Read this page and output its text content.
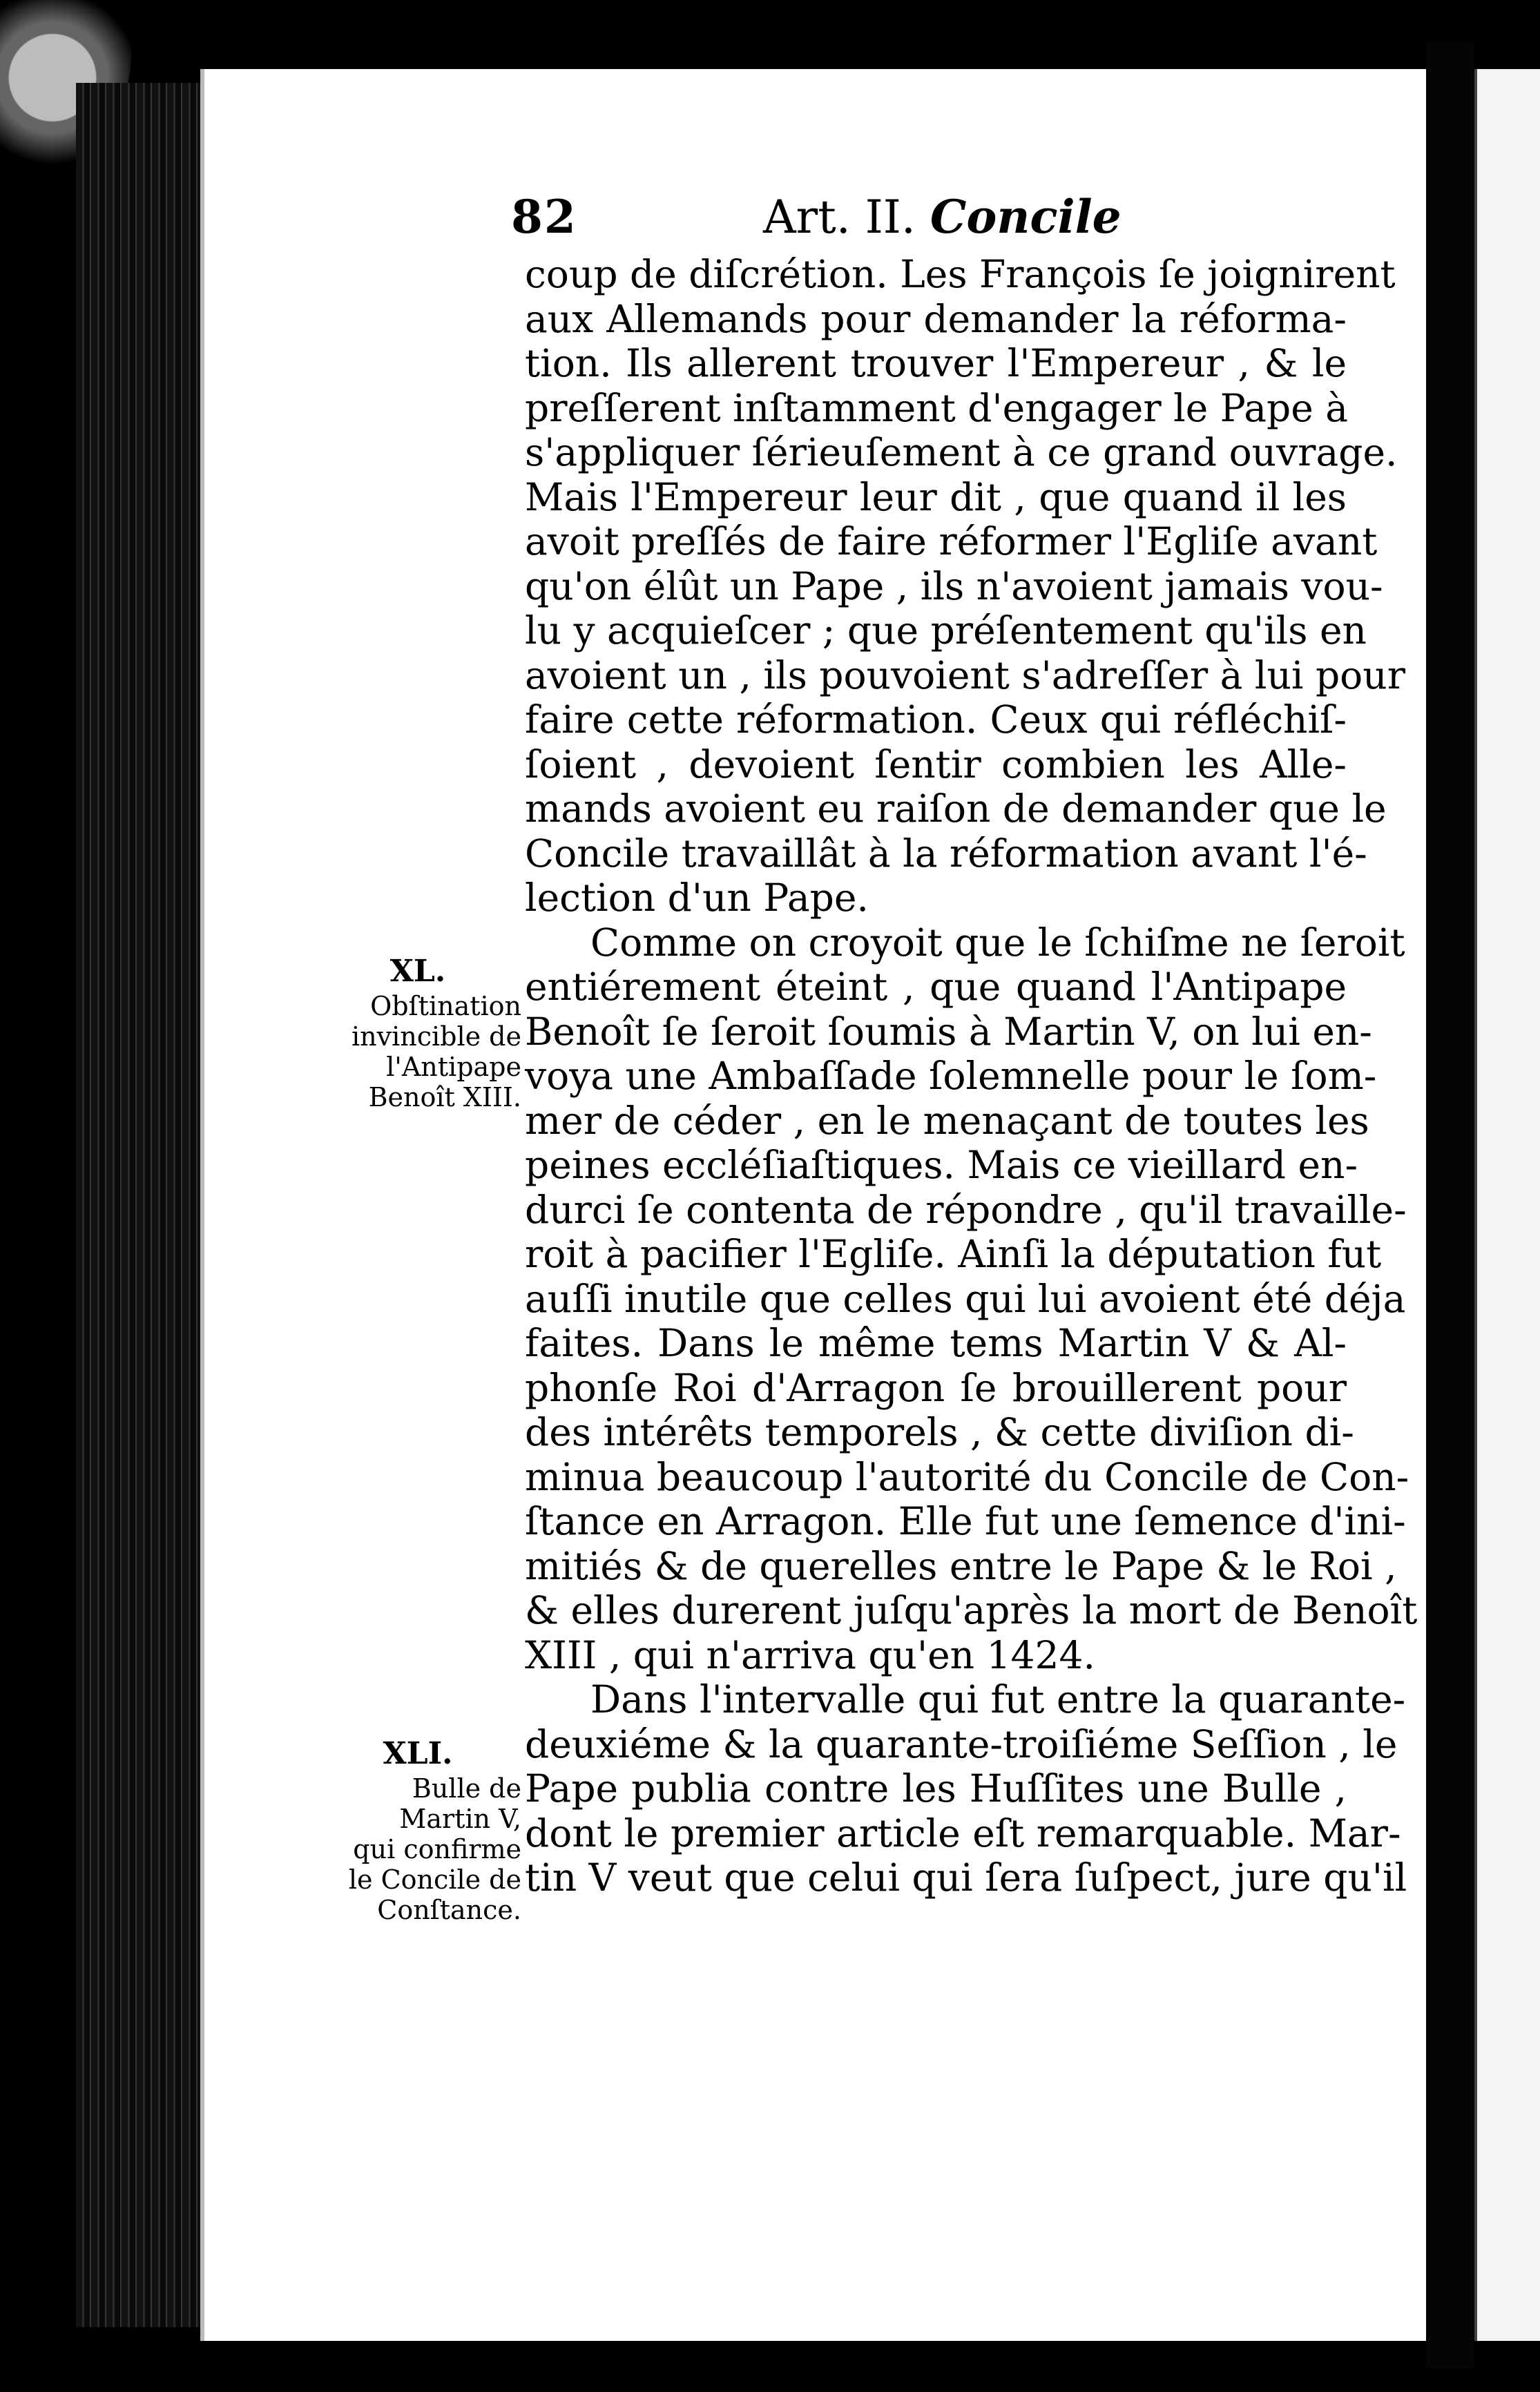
82	Art. II. Concile
XL.
Obſtination
invincible de
l'Antipape
Benoît XIII.
XLI.
Bulle de
Martin V,
qui confirme
le Concile de
Conſtance.
coup de diſcrétion. Les François ſe joignirent
aux Allemands pour demander la réforma-
tion. Ils allerent trouver l'Empereur , & le
preſſerent inſtamment d'engager le Pape à
s'appliquer ſérieuſement à ce grand ouvrage.
Mais l'Empereur leur dit , que quand il les
avoit preſſés de faire réformer l'Egliſe avant
qu'on élût un Pape , ils n'avoient jamais vou-
lu y acquieſcer ; que préſentement qu'ils en
avoient un , ils pouvoient s'adreſſer à lui pour
faire cette réformation. Ceux qui réfléchiſ-
ſoient , devoient ſentir combien les Alle-
mands avoient eu raiſon de demander que le
Concile travaillât à la réformation avant l'é-
lection d'un Pape.
Comme on croyoit que le ſchiſme ne ſeroit
entiérement éteint , que quand l'Antipape
Benoît ſe ſeroit ſoumis à Martin V, on lui en-
voya une Ambaſſade ſolemnelle pour le ſom-
mer de céder , en le menaçant de toutes les
peines eccléſiaſtiques. Mais ce vieillard en-
durci ſe contenta de répondre , qu'il travaille-
roit à pacifier l'Egliſe. Ainſi la députation fut
auſſi inutile que celles qui lui avoient été déja
faites. Dans le même tems Martin V & Al-
phonſe Roi d'Arragon ſe brouillerent pour
des intérêts temporels , & cette diviſion di-
minua beaucoup l'autorité du Concile de Con-
ſtance en Arragon. Elle fut une ſemence d'ini-
mitiés & de querelles entre le Pape & le Roi ,
& elles durerent juſqu'après la mort de Benoît
XIII , qui n'arriva qu'en 1424.
Dans l'intervalle qui fut entre la quarante-
deuxiéme & la quarante-troiſiéme Seſſion , le
Pape publia contre les Huſſites une Bulle ,
dont le premier article eſt remarquable. Mar-
tin V veut que celui qui ſera ſuſpect, jure qu'il
